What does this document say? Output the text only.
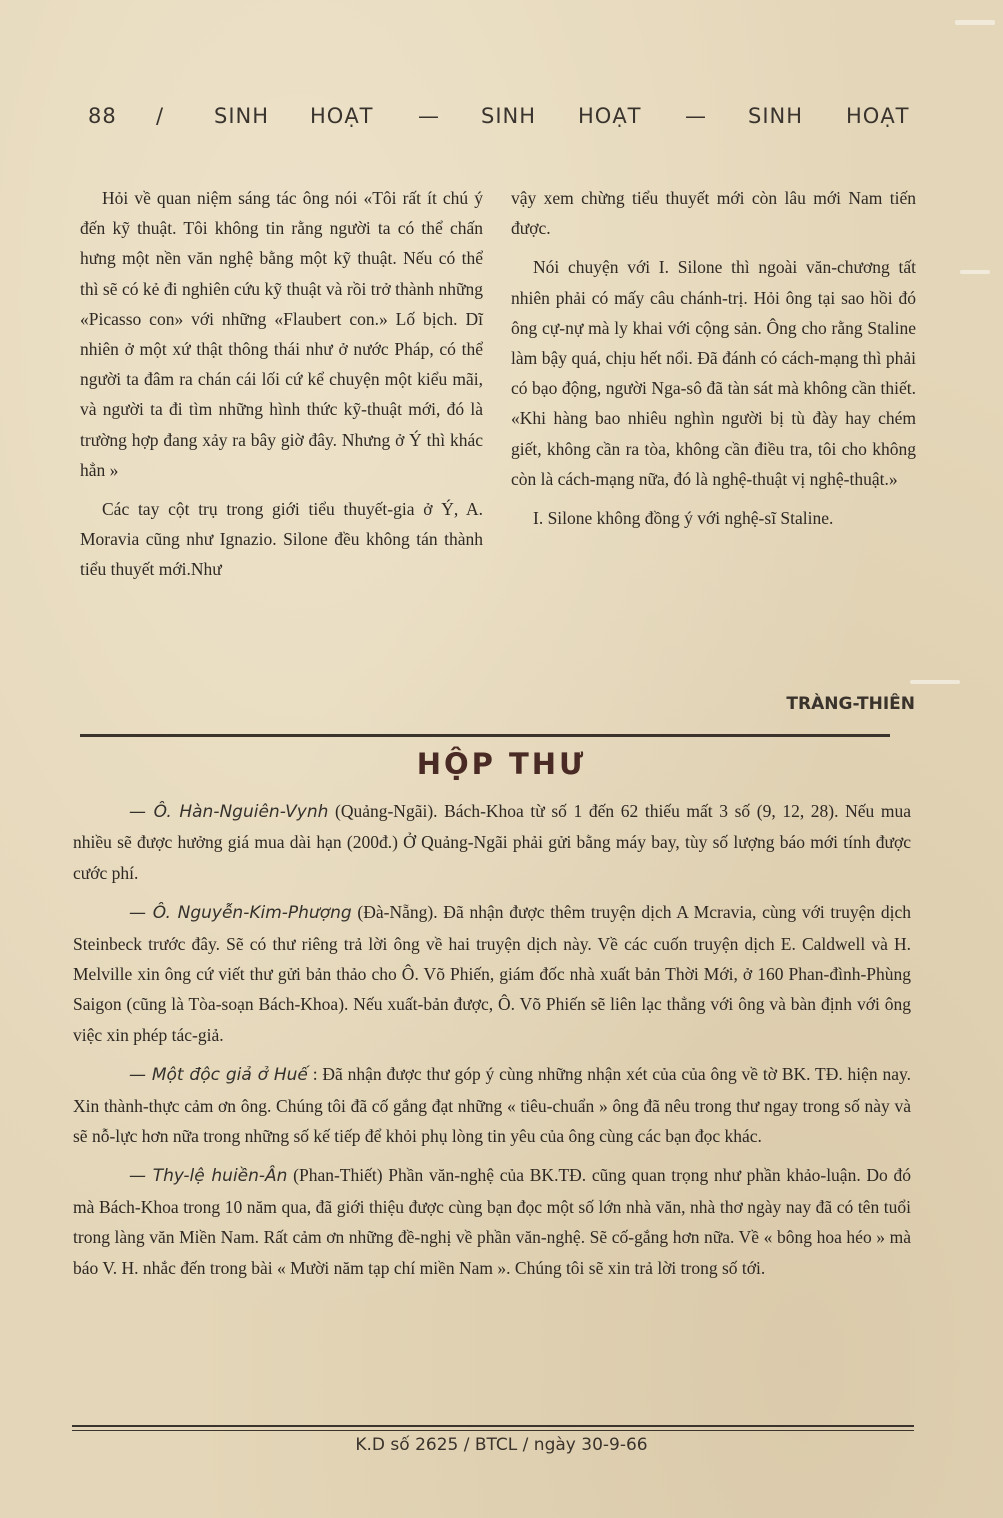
88 / SINH HOẠT — SINH HOẠT — SINH HOẠT

Hỏi về quan niệm sáng tác ông nói «Tôi rất ít chú ý đến kỹ thuật. Tôi không tin rằng người ta có thể chấn hưng một nền văn nghệ bằng một kỹ thuật. Nếu có thể thì sẽ có kẻ đi nghiên cứu kỹ thuật và rồi trở thành những «Picasso con» với những «Flaubert con.» Lố bịch. Dĩ nhiên ở một xứ thật thông thái như ở nước Pháp, có thể người ta đâm ra chán cái lối cứ kể chuyện một kiểu mãi, và người ta đi tìm những hình thức kỹ-thuật mới, đó là trường hợp đang xảy ra bây giờ đây. Nhưng ở Ý thì khác hẳn »

Các tay cột trụ trong giới tiểu thuyết-gia ở Ý, A. Moravia cũng như Ignazio. Silone đều không tán thành tiểu thuyết mới.Như

vậy xem chừng tiểu thuyết mới còn lâu mới Nam tiến được.

Nói chuyện với I. Silone thì ngoài văn-chương tất nhiên phải có mấy câu chánh-trị. Hỏi ông tại sao hồi đó ông cự-nự mà ly khai với cộng sản. Ông cho rằng Staline làm bậy quá, chịu hết nổi. Đã đánh có cách-mạng thì phải có bạo động, người Nga-sô đã tàn sát mà không cần thiết. «Khi hàng bao nhiêu nghìn người bị tù đày hay chém giết, không cần ra tòa, không cần điều tra, tôi cho không còn là cách-mạng nữa, đó là nghệ-thuật vị nghệ-thuật.»

I. Silone không đồng ý với nghệ-sĩ Staline.

TRÀNG-THIÊN
HỘP THƯ

— Ô. Hàn-Nguiên-Vynh (Quảng-Ngãi). Bách-Khoa từ số 1 đến 62 thiếu mất 3 số (9, 12, 28). Nếu mua nhiều sẽ được hưởng giá mua dài hạn (200đ.) Ở Quảng-Ngãi phải gửi bằng máy bay, tùy số lượng báo mới tính được cước phí.

— Ô. Nguyễn-Kim-Phượng (Đà-Nẵng). Đã nhận được thêm truyện dịch A Mcravia, cùng với truyện dịch Steinbeck trước đây. Sẽ có thư riêng trả lời ông về hai truyện dịch này. Về các cuốn truyện dịch E. Caldwell và H. Melville xin ông cứ viết thư gửi bản thảo cho Ô. Võ Phiến, giám đốc nhà xuất bản Thời Mới, ở 160 Phan-đình-Phùng Saigon (cũng là Tòa-soạn Bách-Khoa). Nếu xuất-bản được, Ô. Võ Phiến sẽ liên lạc thẳng với ông và bàn định với ông việc xin phép tác-giả.

— Một độc giả ở Huế : Đã nhận được thư góp ý cùng những nhận xét của của ông về tờ BK. TĐ. hiện nay. Xin thành-thực cảm ơn ông. Chúng tôi đã cố gắng đạt những « tiêu-chuẩn » ông đã nêu trong thư ngay trong số này và sẽ nỗ-lực hơn nữa trong những số kế tiếp để khỏi phụ lòng tin yêu của ông cùng các bạn đọc khác.

— Thy-lệ huiền-Ân (Phan-Thiết) Phần văn-nghệ của BK.TĐ. cũng quan trọng như phần khảo-luận. Do đó mà Bách-Khoa trong 10 năm qua, đã giới thiệu được cùng bạn đọc một số lớn nhà văn, nhà thơ ngày nay đã có tên tuổi trong làng văn Miền Nam. Rất cảm ơn những đề-nghị về phần văn-nghệ. Sẽ cố-gắng hơn nữa. Về « bông hoa héo » mà báo V. H. nhắc đến trong bài « Mười năm tạp chí miền Nam ». Chúng tôi sẽ xin trả lời trong số tới.

K.D số 2625 / BTCL / ngày 30-9-66
